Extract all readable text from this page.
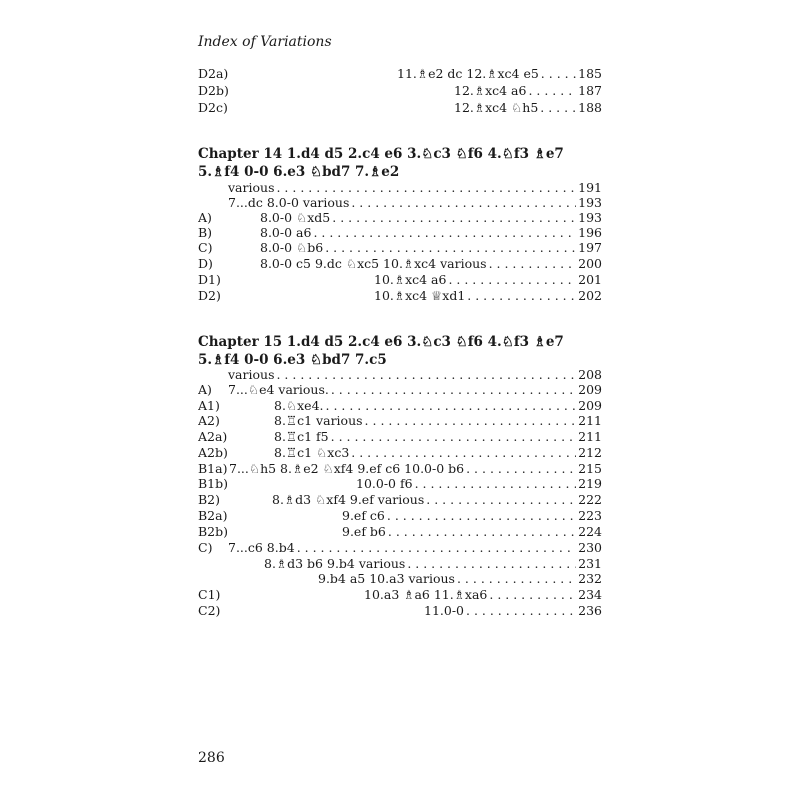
Index of Variations
D2a)	11.♗e2 dc 12.♗xc4 e5 . . .	185
D2b)	12.♗xc4 a6 . . .	187
D2c)	12.♗xc4 ♘h5 . . .	188
Chapter 14 1.d4 d5 2.c4 e6 3.♘c3 ♘f6 4.♘f3 ♗e7 5.♗f4 0-0 6.e3 ♘bd7 7.♗e2
various . . .	191
7...dc 8.0-0 various . . .	193
A)	8.0-0 ♘xd5 . . .	193
B)	8.0-0 a6 . . .	196
C)	8.0-0 ♘b6 . . .	197
D)	8.0-0 c5 9.dc ♘xc5 10.♗xc4 various . . .	200
D1)	10.♗xc4 a6 . . .	201
D2)	10.♗xc4 ♕xd1 . . .	202
Chapter 15 1.d4 d5 2.c4 e6 3.♘c3 ♘f6 4.♘f3 ♗e7 5.♗f4 0-0 6.e3 ♘bd7 7.c5
various . . .	208
A) 7...♘e4 various. . . .	209
A1)	8.♘xe4. . . .	209
A2)	8.♖c1 various . . .	211
A2a)	8.♖c1 f5 . . .	211
A2b)	8.♖c1 ♘xc3 . . .	212
B1a) 7...♘h5 8.♗e2 ♘xf4 9.ef c6 10.0-0 b6 . . .	215
B1b)	10.0-0 f6 . . .	219
B2)	8.♗d3 ♘xf4 9.ef various . . .	222
B2a)	9.ef c6 . . .	223
B2b)	9.ef b6 . . .	224
C) 7...c6 8.b4 . . .	230
8.♗d3 b6 9.b4 various . . .	231
9.b4 a5 10.a3 various . . .	232
C1)	10.a3 ♗a6 11.♗xa6 . . .	234
C2)	11.0-0 . . .	236
286
